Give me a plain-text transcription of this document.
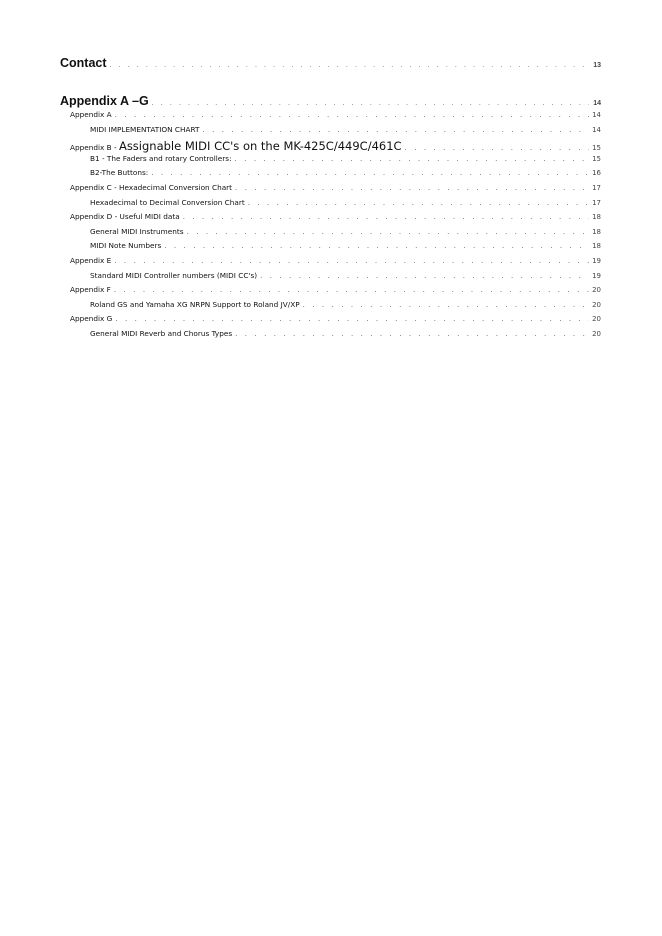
Contact . . .	13
Appendix A –G . . .	14
Appendix A . . .	14
MIDI IMPLEMENTATION CHART . . .	14
Appendix B - Assignable MIDI CC's on the MK-425C/449C/461C . . .	15
B1 - The Faders and rotary Controllers: . . .	15
B2-The Buttons: . . .	16
Appendix C - Hexadecimal Conversion Chart . . .	17
Hexadecimal to Decimal Conversion Chart . . .	17
Appendix D - Useful MIDI data . . .	18
General MIDI Instruments . . .	18
MIDI Note Numbers . . .	18
Appendix E . . .	19
Standard MIDI Controller numbers (MIDI CC's) . . .	19
Appendix F . . .	20
Roland GS and Yamaha XG NRPN Support to Roland JV/XP . . .	20
Appendix G . . .	20
General MIDI Reverb and Chorus Types . . .	20
